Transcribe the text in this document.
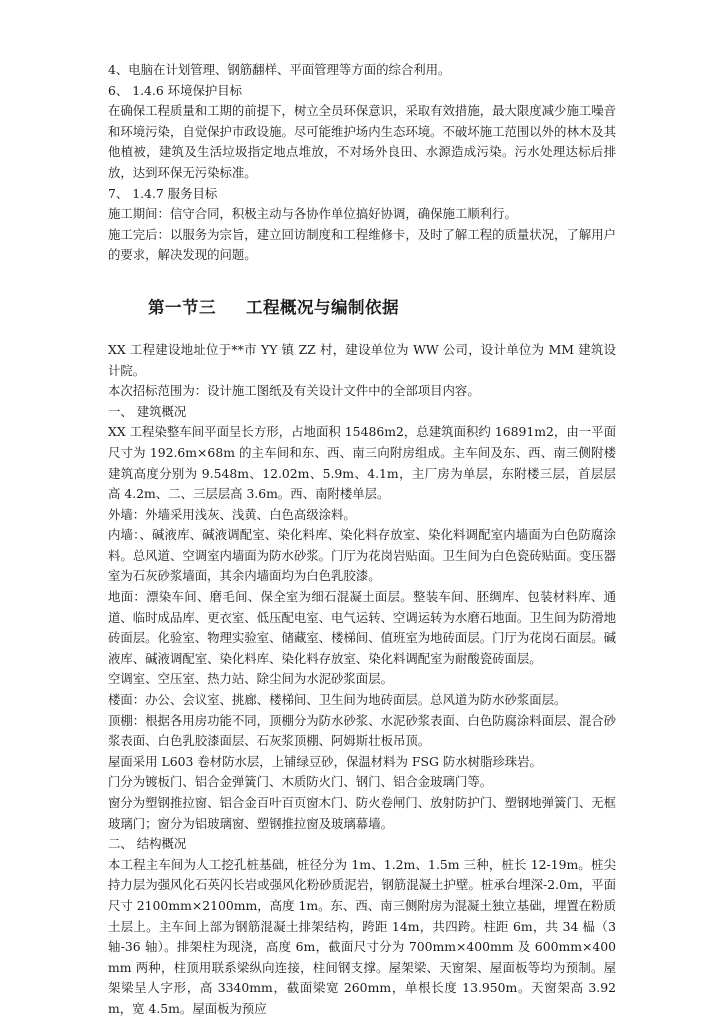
4、电脑在计划管理、钢筋翻样、平面管理等方面的综合利用。

6、 1.4.6 环境保护目标

在确保工程质量和工期的前提下，树立全员环保意识，采取有效措施，最大限度减少施工噪音和环境污染，自觉保护市政设施。尽可能维护场内生态环境。不破坏施工范围以外的林木及其他植被，建筑及生活垃圾指定地点堆放，不对场外良田、水源造成污染。污水处理达标后排放，达到环保无污染标准。

7、 1.4.7 服务目标

施工期间：信守合同，积极主动与各协作单位搞好协调，确保施工顺利行。

施工完后：以服务为宗旨，建立回访制度和工程维修卡，及时了解工程的质量状况，了解用户的要求，解决发现的问题。

第一节三 工程概况与编制依据

XX 工程建设地址位于**市 YY 镇 ZZ 村，建设单位为 WW 公司，设计单位为 MM 建筑设计院。

本次招标范围为：设计施工图纸及有关设计文件中的全部项目内容。

一、 建筑概况

XX 工程染整车间平面呈长方形，占地面积 15486m2，总建筑面积约 16891m2，由一平面尺寸为 192.6m×68m 的主车间和东、西、南三向附房组成。主车间及东、西、南三侧附楼建筑高度分别为 9.548m、12.02m、5.9m、4.1m，主厂房为单层，东附楼三层，首层层高 4.2m、二、三层层高 3.6m。西、南附楼单层。

外墙：外墙采用浅灰、浅黄、白色高级涂料。

内墙：、碱液库、碱液调配室、染化料库、染化料存放室、染化料调配室内墙面为白色防腐涂料。总风道、空调室内墙面为防水砂浆。门厅为花岗岩贴面。卫生间为白色瓷砖贴面。变压器室为石灰砂浆墙面，其余内墙面均为白色乳胶漆。

地面：漂染车间、磨毛间、保全室为细石混凝土面层。整装车间、胚绸库、包装材料库、通道、临时成品库、更衣室、低压配电室、电气运转、空调运转为水磨石地面。卫生间为防滑地砖面层。化验室、物理实验室、储藏室、楼梯间、值班室为地砖面层。门厅为花岗石面层。碱液库、碱液调配室、染化料库、染化料存放室、染化料调配室为耐酸瓷砖面层。

空调室、空压室、热力站、除尘间为水泥砂浆面层。

楼面：办公、会议室、挑廊、楼梯间、卫生间为地砖面层。总风道为防水砂浆面层。

顶棚：根据各用房功能不同，顶棚分为防水砂浆、水泥砂浆表面、白色防腐涂料面层、混合砂浆表面、白色乳胶漆面层、石灰浆顶棚、阿姆斯壮板吊顶。

屋面采用 L603 卷材防水层，上铺绿豆砂，保温材料为 FSG 防水树脂珍珠岩。

门分为镀板门、铝合金弹簧门、木质防火门、钢门、铝合金玻璃门等。

窗分为塑钢推拉窗、铝合金百叶百页窗木门、防火卷闸门、放射防护门、塑钢地弹簧门、无框玻璃门；窗分为铝玻璃窗、塑钢推拉窗及玻璃幕墙。

二、 结构概况

本工程主车间为人工挖孔桩基础，桩径分为 1m、1.2m、1.5m 三种，桩长 12-19m。桩尖持力层为强风化石英闪长岩或强风化粉砂质泥岩，钢筋混凝土护壁。桩承台埋深-2.0m，平面尺寸 2100mm×2100mm，高度 1m。东、西、南三侧附房为混凝土独立基础，埋置在粉质土层上。主车间上部为钢筋混凝土排架结构，跨距 14m，共四跨。柱距 6m，共 34 榀（3 轴-36 轴）。排架柱为现浇，高度 6m，截面尺寸分为 700mm×400mm 及 600mm×400mm 两种，柱顶用联系梁纵向连接，柱间钢支撑。屋架梁、天窗架、屋面板等均为预制。屋架梁呈人字形，高 3340mm，截面梁宽 260mm，单根长度 13.950m。天窗架高 3.92m，宽 4.5m。屋面板为预应
